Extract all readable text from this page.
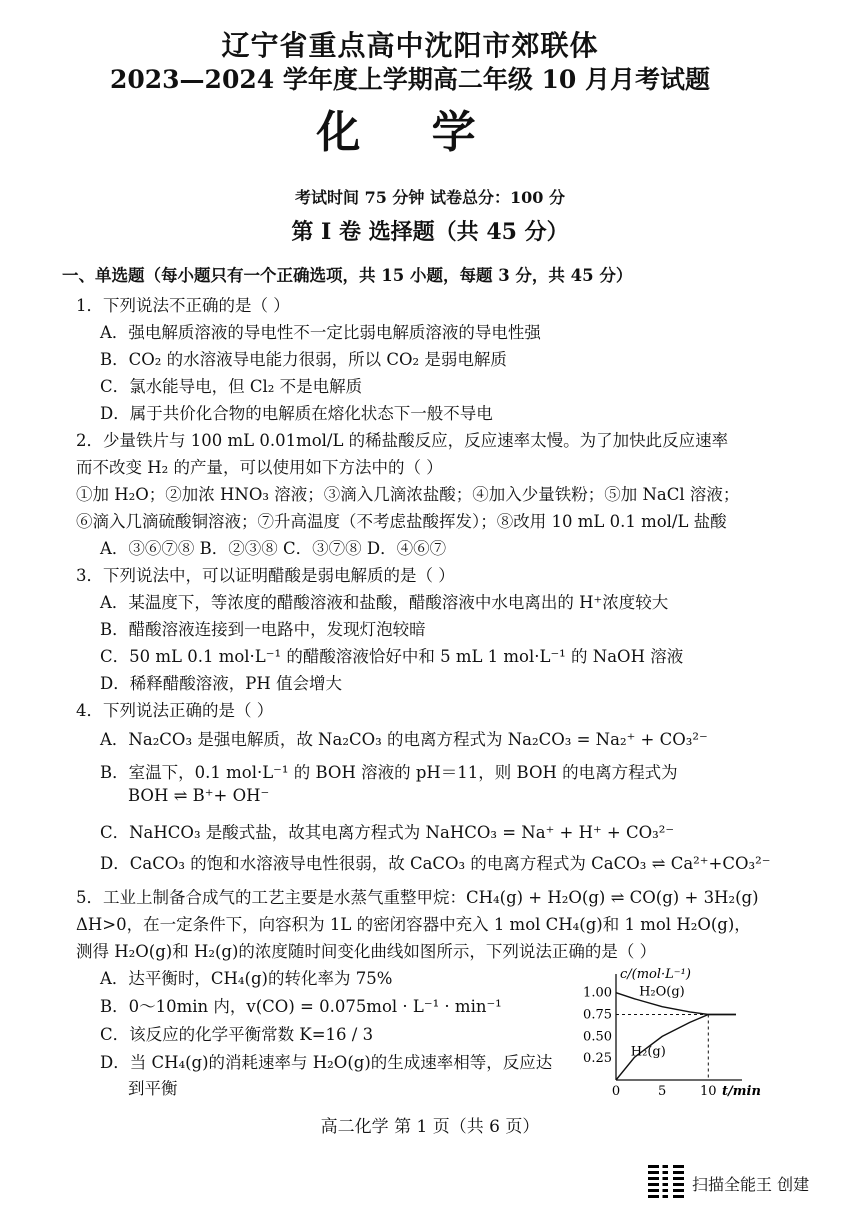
辽宁省重点高中沈阳市郊联体
2023—2024 学年度上学期高二年级 10 月月考试题
化 学
考试时间 75 分钟 试卷总分：100 分
第 I 卷 选择题（共 45 分）
一、单选题（每小题只有一个正确选项，共 15 小题，每题 3 分，共 45 分）
1．下列说法不正确的是（ ）
A．强电解质溶液的导电性不一定比弱电解质溶液的导电性强
B．CO₂ 的水溶液导电能力很弱，所以 CO₂ 是弱电解质
C．氯水能导电，但 Cl₂ 不是电解质
D．属于共价化合物的电解质在熔化状态下一般不导电
2．少量铁片与 100 mL 0.01mol/L 的稀盐酸反应，反应速率太慢。为了加快此反应速率
而不改变 H₂ 的产量，可以使用如下方法中的（ ）
①加 H₂O；②加浓 HNO₃ 溶液；③滴入几滴浓盐酸；④加入少量铁粉；⑤加 NaCl 溶液；
⑥滴入几滴硫酸铜溶液；⑦升高温度（不考虑盐酸挥发）；⑧改用 10 mL 0.1 mol/L 盐酸
A．③⑥⑦⑧ B．②③⑧ C．③⑦⑧ D．④⑥⑦
3．下列说法中，可以证明醋酸是弱电解质的是（ ）
A．某温度下，等浓度的醋酸溶液和盐酸，醋酸溶液中水电离出的 H⁺浓度较大
B．醋酸溶液连接到一电路中，发现灯泡较暗
C．50 mL 0.1 mol·L⁻¹ 的醋酸溶液恰好中和 5 mL 1 mol·L⁻¹ 的 NaOH 溶液
D．稀释醋酸溶液，PH 值会增大
4．下列说法正确的是（ ）
A．Na₂CO₃ 是强电解质，故 Na₂CO₃ 的电离方程式为 Na₂CO₃ = Na₂⁺ + CO₃²⁻
B．室温下，0.1 mol·L⁻¹ 的 BOH 溶液的 pH＝11，则 BOH 的电离方程式为
BOH ⇌ B⁺+ OH⁻
C．NaHCO₃ 是酸式盐，故其电离方程式为 NaHCO₃ = Na⁺ + H⁺ + CO₃²⁻
D．CaCO₃ 的饱和水溶液导电性很弱，故 CaCO₃ 的电离方程式为 CaCO₃ ⇌ Ca²⁺+CO₃²⁻
5．工业上制备合成气的工艺主要是水蒸气重整甲烷：CH₄(g) + H₂O(g) ⇌ CO(g) + 3H₂(g)
ΔH>0，在一定条件下，向容积为 1L 的密闭容器中充入 1 mol CH₄(g)和 1 mol H₂O(g)，
测得 H₂O(g)和 H₂(g)的浓度随时间变化曲线如图所示，下列说法正确的是（ ）
A．达平衡时，CH₄(g)的转化率为 75%
B．0～10min 内，v(CO) = 0.075mol · L⁻¹ · min⁻¹
C．该反应的化学平衡常数 K=16 / 3
D．当 CH₄(g)的消耗速率与 H₂O(g)的生成速率相等，反应达
到平衡
c/(mol·L⁻¹)
t/min
1.00
0.75
0.50
0.25
0	5	10
H₂O(g)
H₂(g)
高二化学 第 1 页（共 6 页）
扫描全能王 创建
